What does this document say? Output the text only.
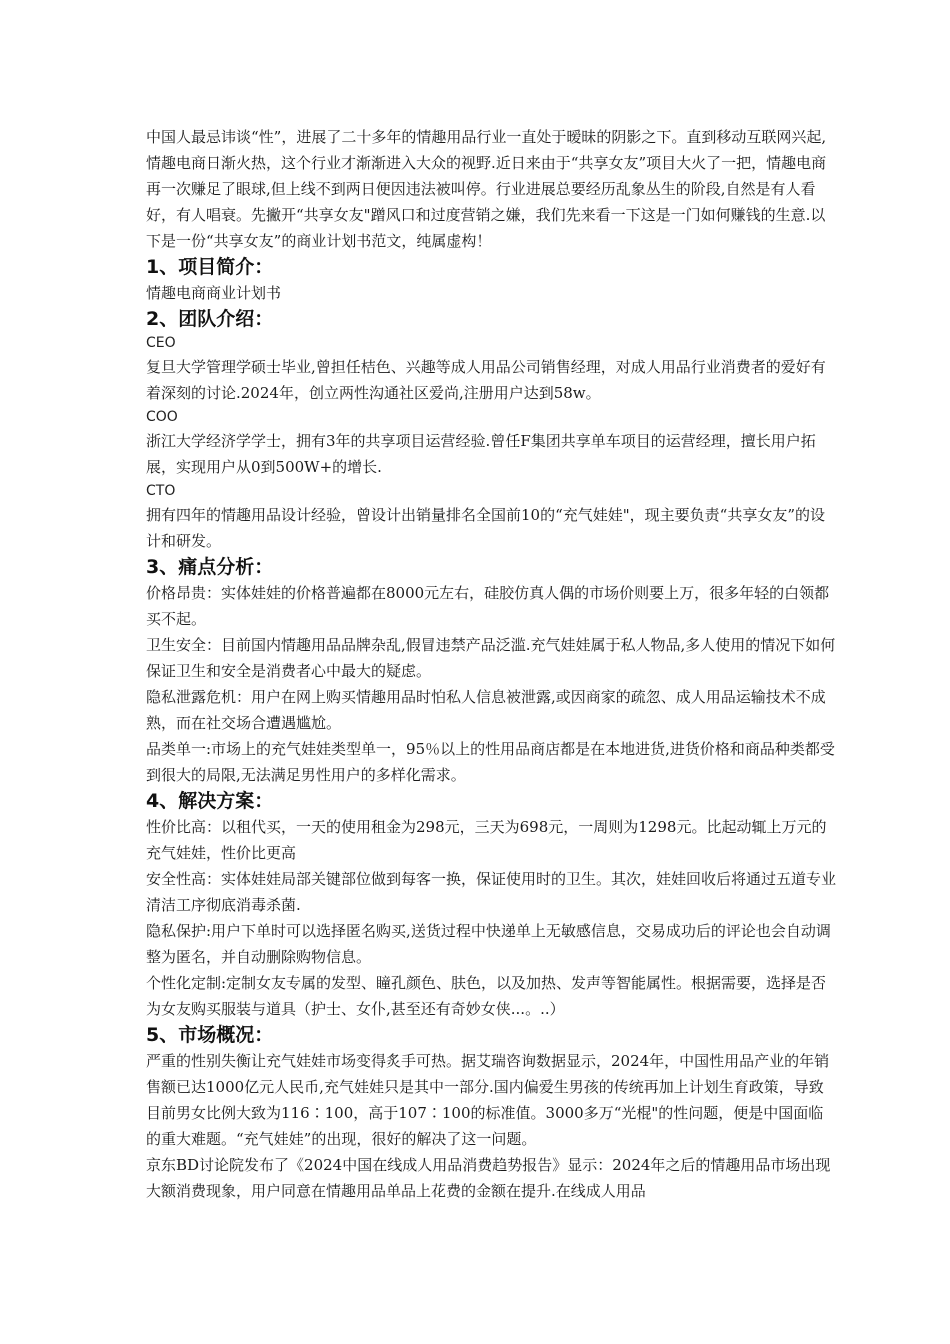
中国人最忌讳谈“性”，进展了二十多年的情趣用品行业一直处于暧昧的阴影之下。直到移动互联网兴起,情趣电商日渐火热，这个行业才渐渐进入大众的视野.近日来由于“共享女友”项目大火了一把，情趣电商再一次赚足了眼球,但上线不到两日便因违法被叫停。行业进展总要经历乱象丛生的阶段,自然是有人看好，有人唱衰。先撇开“共享女友"蹭风口和过度营销之嫌，我们先来看一下这是一门如何赚钱的生意.以下是一份“共享女友”的商业计划书范文，纯属虚构！

1、项目简介：

情趣电商商业计划书

2、团队介绍：

CEO

复旦大学管理学硕士毕业,曾担任桔色、兴趣等成人用品公司销售经理，对成人用品行业消费者的爱好有着深刻的讨论.2024年，创立两性沟通社区爱尚,注册用户达到58w。

COO

浙江大学经济学学士，拥有3年的共享项目运营经验.曾任F集团共享单车项目的运营经理，擅长用户拓展，实现用户从0到500W+的增长.

CTO

拥有四年的情趣用品设计经验，曾设计出销量排名全国前10的“充气娃娃"，现主要负责“共享女友”的设计和研发。

3、痛点分析：

价格昂贵：实体娃娃的价格普遍都在8000元左右，硅胶仿真人偶的市场价则要上万，很多年轻的白领都买不起。

卫生安全：目前国内情趣用品品牌杂乱,假冒违禁产品泛滥.充气娃娃属于私人物品,多人使用的情况下如何保证卫生和安全是消费者心中最大的疑虑。

隐私泄露危机：用户在网上购买情趣用品时怕私人信息被泄露,或因商家的疏忽、成人用品运输技术不成熟，而在社交场合遭遇尴尬。

品类单一:市场上的充气娃娃类型单一，95％以上的性用品商店都是在本地进货,进货价格和商品种类都受到很大的局限,无法满足男性用户的多样化需求。

4、解决方案：

性价比高：以租代买，一天的使用租金为298元，三天为698元，一周则为1298元。比起动辄上万元的充气娃娃，性价比更高

安全性高：实体娃娃局部关键部位做到每客一换，保证使用时的卫生。其次，娃娃回收后将通过五道专业清洁工序彻底消毒杀菌.

隐私保护:用户下单时可以选择匿名购买,送货过程中快递单上无敏感信息，交易成功后的评论也会自动调整为匿名，并自动删除购物信息。

个性化定制:定制女友专属的发型、瞳孔颜色、肤色，以及加热、发声等智能属性。根据需要，选择是否为女友购买服装与道具（护士、女仆,甚至还有奇妙女侠...。..）

5、市场概况：

严重的性别失衡让充气娃娃市场变得炙手可热。据艾瑞咨询数据显示，2024年，中国性用品产业的年销售额已达1000亿元人民币,充气娃娃只是其中一部分.国内偏爱生男孩的传统再加上计划生育政策，导致目前男女比例大致为116∶100，高于107∶100的标准值。3000多万“光棍"的性问题，便是中国面临的重大难题。“充气娃娃”的出现，很好的解决了这一问题。

京东BD讨论院发布了《2024中国在线成人用品消费趋势报告》显示：2024年之后的情趣用品市场出现大额消费现象，用户同意在情趣用品单品上花费的金额在提升.在线成人用品
